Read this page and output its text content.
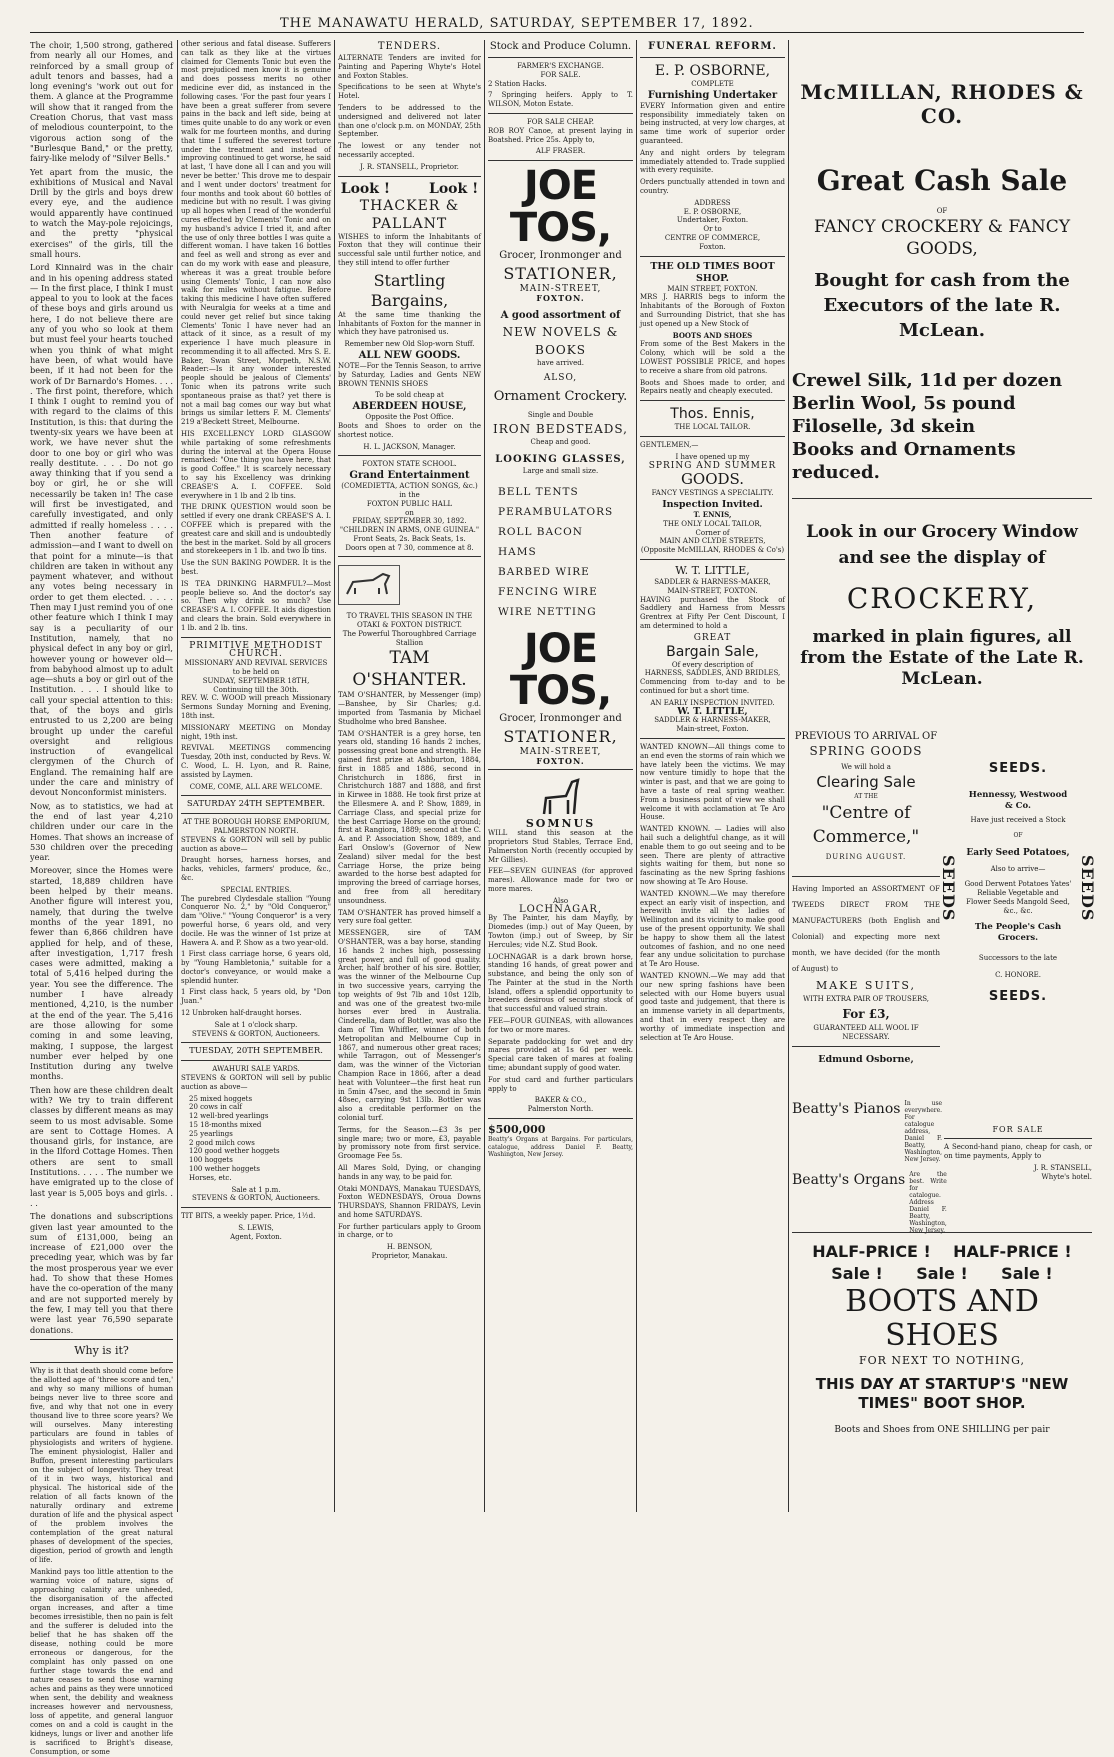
THE MANAWATU HERALD, SATURDAY, SEPTEMBER 17, 1892.

The choir, 1,500 strong, gathered from nearly all our Homes, and reinforced by a small group of adult tenors and basses, had a long evening's 'work out out for them. A glance at the Programme will show that it ranged from the Creation Chorus, that vast mass of melodious counterpoint, to the vigorous action song of the "Burlesque Band," or the pretty, fairy-like melody of "Silver Bells."

Yet apart from the music, the exhibitions of Musical and Naval Drill by the girls and boys drew every eye, and the audience would apparently have continued to watch the May-pole rejoicings, and the pretty "physical exercises" of the girls, till the small hours.

Lord Kinnaird was in the chair and in his opening address stated— In the first place, I think I must appeal to you to look at the faces of these boys and girls around us here, I do not believe there are any of you who so look at them but must feel your hearts touched when you think of what might have been, of what would have been, if it had not been for the work of Dr Barnardo's Homes. . . . . The first point, therefore, which I think I ought to remind you of with regard to the claims of this Institution, is this: that during the twenty-six years we have been at work, we have never shut the door to one boy or girl who was really destitute. . . . Do not go away thinking that if you send a boy or girl, he or she will necessarily be taken in! The case will first be investigated, and carefully investigated, and only admitted if really homeless . . . . Then another feature of admission—and I want to dwell on that point for a minute—is that children are taken in without any payment whatever, and without any votes being necessary in order to get them elected. . . . . Then may I just remind you of one other feature which I think I may say is a peculiarity of our Institution, namely, that no physical defect in any boy or girl, however young or however old—from babyhood almost up to adult age—shuts a boy or girl out of the Institution. . . . I should like to call your special attention to this: that, of the boys and girls entrusted to us 2,200 are being brought up under the careful oversight and religious instruction of evangelical clergymen of the Church of England. The remaining half are under the care and ministry of devout Nonconformist ministers.

Now, as to statistics, we had at the end of last year 4,210 children under our care in the Homes. That shows an increase of 530 children over the preceding year.

Moreover, since the Homes were started, 18,889 children have been helped by their means. Another figure will interest you, namely, that during the twelve months of the year 1891, no fewer than 6,866 children have applied for help, and of these, after investigation, 1,717 fresh cases were admitted, making a total of 5,416 helped during the year. You see the difference. The number I have already mentioned, 4,210, is the number at the end of the year. The 5,416 are those allowing for some coming in and some leaving, making, I suppose, the largest number ever helped by one Institution during any twelve months.

Then how are these children dealt with? We try to train different classes by different means as may seem to us most advisable. Some are sent to Cottage Homes. A thousand girls, for instance, are in the Ilford Cottage Homes. Then others are sent to small Institutions. . . . . The number we have emigrated up to the close of last year is 5,005 boys and girls. . . .

The donations and subscriptions given last year amounted to the sum of £131,000, being an increase of £21,000 over the preceding year, which was by far the most prosperous year we ever had. To show that these Homes have the co-operation of the many and are not supported merely by the few, I may tell you that there were last year 76,590 separate donations.

Why is it?

Why is it that death should come before the allotted age of 'three score and ten,' and why so many millions of human beings never live to three score and five, and why that not one in every thousand live to three score years? We will ourselves. Many interesting particulars are found in tables of physiologists and writers of hygiene. The eminent physiologist, Haller and Buffon, present interesting particulars on the subject of longevity. They treat of it in two ways, historical and physical. The historical side of the relation of all facts known of the naturally ordinary and extreme duration of life and the physical aspect of the problem involves the contemplation of the great natural phases of development of the species, digestion, period of growth and length of life.

Mankind pays too little attention to the warning voice of nature, signs of approaching calamity are unheeded, the disorganisation of the affected organ increases, and after a time becomes irresistible, then no pain is felt and the sufferer is deluded into the belief that he has shaken off the disease, nothing could be more erroneous or dangerous, for the complaint has only passed on one further stage towards the end and nature ceases to send those warning aches and pains as they were unnoticed when sent, the debility and weakness increases however and nervousness, loss of appetite, and general languor comes on and a cold is caught in the kidneys, lungs or liver and another life is sacrificed to Bright's disease, Consumption, or some

other serious and fatal disease. Sufferers can talk as they like at the virtues claimed for Clements Tonic but even the most prejudiced men know it is genuine and does possess merits no other medicine ever did, as instanced in the following cases. 'For the past four years I have been a great sufferer from severe pains in the back and left side, being at times quite unable to do any work or even walk for me fourteen months, and during that time I suffered the severest torture under the treatment and instead of improving continued to get worse, he said at last, 'I have done all I can and you will never be better.' This drove me to despair and I went under doctors' treatment for four months and took about 60 bottles of medicine but with no result. I was giving up all hopes when I read of the wonderful cures effected by Clements' Tonic and on my husband's advice I tried it, and after the use of only three bottles I was quite a different woman. I have taken 16 bottles and feel as well and strong as ever and can do my work with ease and pleasure, whereas it was a great trouble before using Clements' Tonic, I can now also walk for miles without fatigue. Before taking this medicine I have often suffered with Neuralgia for weeks at a time and could never get relief but since taking Clements' Tonic I have never had an attack of it since, as a result of my experience I have much pleasure in recommending it to all affected. Mrs S. E. Baker, Swan Street, Morpeth, N.S.W. Reader:—Is it any wonder interested people should be jealous of Clements' Tonic when its patrons write such spontaneous praise as that? yet there is not a mail bag comes our way but what brings us similar letters F. M. Clements' 219 a'Beckett Street, Melbourne.

HIS EXCELLENCY LORD GLASGOW while partaking of some refreshments during the interval at the Opera House remarked: "One thing you have here, that is good Coffee." It is scarcely necessary to say his Excellency was drinking CREASE'S A. I. COFFEE. Sold everywhere in 1 lb and 2 lb tins.

THE DRINK QUESTION would soon be settled if every one drank CREASE'S A. I. COFFEE which is prepared with the greatest care and skill and is undoubtedly the best in the market. Sold by all grocers and storekeepers in 1 lb. and two lb tins.

Use the SUN BAKING POWDER. It is the best.

IS TEA DRINKING HARMFUL?—Most people believe so. And the doctor's say so. Then why drink so much? Use CREASE'S A. I. COFFEE. It aids digestion and clears the brain. Sold everywhere in 1 lb. and 2 lb. tins.

PRIMITIVE METHODIST CHURCH.
MISSIONARY AND REVIVAL SERVICES to be held on
SUNDAY, SEPTEMBER 18TH,
Continuing till the 30th.

REV. W. C. WOOD will preach Missionary Sermons Sunday Morning and Evening, 18th inst.

MISSIONARY MEETING on Monday night, 19th inst.

REVIVAL MEETINGS commencing Tuesday, 20th inst, conducted by Revs. W. C. Wood, L. H. Lyon, and R. Raine, assisted by Laymen.

COME, COME, ALL ARE WELCOME.
SATURDAY 24TH SEPTEMBER.
AT THE BOROUGH HORSE EMPORIUM, PALMERSTON NORTH.

STEVENS & GORTON will sell by public auction as above—

Draught horses, harness horses, and hacks, vehicles, farmers' produce, &c., &c.

SPECIAL ENTRIES.

The purebred Clydesdale stallion "Young Conqueror No. 2," by "Old Conqueror," dam "Olive." "Young Conqueror" is a very powerful horse, 6 years old, and very docile. He was the winner of 1st prize at Hawera A. and P. Show as a two year-old.

1 First class carriage horse, 6 years old, by "Young Hambletonia," suitable for a doctor's conveyance, or would make a splendid hunter.

1 First class hack, 5 years old, by "Don Juan."

12 Unbroken half-draught horses.

Sale at 1 o'clock sharp.
STEVENS & GORTON, Auctioneers.
TUESDAY, 20TH SEPTEMBER.
AWAHURI SALE YARDS.

STEVENS & GORTON will sell by public auction as above—

25 mixed hoggets
20 cows in calf
12 well-bred yearlings
15 18-months mixed
25 yearlings
2 good milch cows
120 good wether hoggets
100 hoggets
100 wether hoggets
Horses, etc.

Sale at 1 p.m.
STEVENS & GORTON, Auctioneers.

TIT BITS, a weekly paper. Price, 1½d.

S. LEWIS,
Agent, Foxton.
TENDERS.

ALTERNATE Tenders are invited for Painting and Papering Whyte's Hotel and Foxton Stables.

Specifications to be seen at Whyte's Hotel.

Tenders to be addressed to the undersigned and delivered not later than one o'clock p.m. on MONDAY, 25th September.

The lowest or any tender not necessarily accepted.

J. R. STANSELL, Proprietor.
Look !        Look !
THACKER & PALLANT

WISHES to inform the Inhabitants of Foxton that they will continue their successful sale until further notice, and they still intend to offer further

Startling Bargains,

At the same time thanking the Inhabitants of Foxton for the manner in which they have patronised us.

Remember new Old Slop-worn Stuff.
ALL NEW GOODS.

NOTE—For the Tennis Season, to arrive by Saturday, Ladies and Gents NEW BROWN TENNIS SHOES

To be sold cheap at
ABERDEEN HOUSE,
Opposite the Post Office.

Boots and Shoes to order on the shortest notice.

H. L. JACKSON, Manager.
FOXTON STATE SCHOOL.
Grand Entertainment
(COMEDIETTA, ACTION SONGS, &c.)
in the
FOXTON PUBLIC HALL
on
FRIDAY, SEPTEMBER 30, 1892.
"CHILDREN IN ARMS, ONE GUINEA."
Front Seats, 2s. Back Seats, 1s.
Doors open at 7 30, commence at 8.
TO TRAVEL THIS SEASON IN THE
OTAKI & FOXTON DISTRICT.
The Powerful Thoroughbred Carriage Stallion
TAM O'SHANTER.

TAM O'SHANTER, by Messenger (imp)—Banshee, by Sir Charles; g.d. imported from Tasmania by Michael Studholme who bred Banshee.

TAM O'SHANTER is a grey horse, ten years old, standing 16 hands 2 inches, possessing great bone and strength. He gained first prize at Ashburton, 1884, first in 1885 and 1886, second in Christchurch in 1886, first in Christchurch 1887 and 1888, and first in Kirwee in 1888. He took first prize at the Ellesmere A. and P. Show, 1889, in Carriage Class, and special prize for the best Carriage Horse on the ground; first at Rangiora, 1889; second at the C. A. and P. Association Show, 1889, and Earl Onslow's (Governor of New Zealand) silver medal for the best Carriage Horse, the prize being awarded to the horse best adapted for improving the breed of carriage horses, and free from all hereditary unsoundness.

TAM O'SHANTER has proved himself a very sure foal getter.

MESSENGER, sire of TAM O'SHANTER, was a bay horse, standing 16 hands 2 inches high, possessing great power, and full of good quality. Archer, half brother of his sire. Bottler, was the winner of the Melbourne Cup in two successive years, carrying the top weights of 9st 7lb and 10st 12lb, and was one of the greatest two-mile horses ever bred in Australia. Cinderella, dam of Bottler, was also the dam of Tim Whiffler, winner of both Metropolitan and Melbourne Cup in 1867, and numerous other great races; while Tarragon, out of Messenger's dam, was the winner of the Victorian Champion Race in 1866, after a dead heat with Volunteer—the first heat run in 5min 47sec, and the second in 5min 48sec, carrying 9st 13lb. Bottler was also a creditable performer on the colonial turf.

Terms, for the Season.—£3 3s per single mare; two or more, £3, payable by promissory note from first service. Groomage Fee 5s.

All Mares Sold, Dying, or changing hands in any way, to be paid for.

Otaki MONDAYS, Manakau TUESDAYS, Foxton WEDNESDAYS, Oroua Downs THURSDAYS, Shannon FRIDAYS, Levin and home SATURDAYS.

For further particulars apply to Groom in charge, or to

H. BENSON,
Proprietor, Manakau.
Stock and Produce Column.
FARMER'S EXCHANGE.
FOR SALE.

2 Station Hacks.

7 Springing heifers. Apply to T. WILSON, Moton Estate.

FOR SALE CHEAP.

ROB ROY Canoe, at present laying in Boatshed. Price 25s. Apply to,

ALF FRASER.
JOE TOS,
Grocer, Ironmonger and
STATIONER,
MAIN-STREET,
FOXTON.
A good assortment of
NEW NOVELS & BOOKS
have arrived.
ALSO,
Ornament Crockery.
Single and Double
IRON BEDSTEADS,
Cheap and good.
LOOKING GLASSES,
Large and small size.
BELL TENTS
PERAMBULATORS
ROLL BACON
HAMS
BARBED WIRE
FENCING WIRE
WIRE NETTING
JOE TOS,
Grocer, Ironmonger and
STATIONER,
MAIN-STREET,
FOXTON.
SOMNUS

WILL stand this season at the proprietors Stud Stables, Terrace End, Palmerston North (recently occupied by Mr Gillies).

FEE—SEVEN GUINEAS (for approved mares). Allowance made for two or more mares.

Also
LOCHNAGAR,

By The Painter, his dam Mayfly, by Diomedes (imp.) out of May Queen, by Towton (imp.) out of Sweep, by Sir Hercules; vide N.Z. Stud Book.

LOCHNAGAR is a dark brown horse, standing 16 hands, of great power and substance, and being the only son of The Painter at the stud in the North Island, offers a splendid opportunity to breeders desirous of securing stock of that successful and valued strain.

FEE—FOUR GUINEAS, with allowances for two or more mares.

Separate paddocking for wet and dry mares provided at 1s 6d per week. Special care taken of mares at foaling time; abundant supply of good water.

For stud card and further particulars apply to

BAKER & CO.,
Palmerston North.
$500,000
Beatty's Organs at Bargains. For particulars, catalogue, address Daniel F. Beatty, Washington, New Jersey.
FUNERAL REFORM.
E. P. OSBORNE,
COMPLETE
Furnishing Undertaker

EVERY Information given and entire responsibility immediately taken on being instructed, at very low charges, at same time work of superior order guaranteed.

Any and night orders by telegram immediately attended to. Trade supplied with every requisite.

Orders punctually attended in town and country.

ADDRESS
E. P. OSBORNE,
Undertaker, Foxton.
Or to
CENTRE OF COMMERCE,
Foxton.
THE OLD TIMES BOOT SHOP.
MAIN STREET, FOXTON.

MRS J. HARRIS begs to inform the Inhabitants of the Borough of Foxton and Surrounding District, that she has just opened up a New Stock of

BOOTS AND SHOES

From some of the Best Makers in the Colony, which will be sold a the LOWEST POSSIBLE PRICE, and hopes to receive a share from old patrons.

Boots and Shoes made to order, and Repairs neatly and cheaply executed.

Thos. Ennis,
THE LOCAL TAILOR.

GENTLEMEN,—

I have opened up my
SPRING AND SUMMER
GOODS.
FANCY VESTINGS A SPECIALITY.
Inspection Invited.
T. ENNIS,
THE ONLY LOCAL TAILOR,
Corner of
MAIN AND CLYDE STREETS,
(Opposite McMILLAN, RHODES & Co's)
W. T. LITTLE,
SADDLER & HARNESS-MAKER,
MAIN-STREET, FOXTON.

HAVING purchased the Stock of Saddlery and Harness from Messrs Grentrex at Fifty Per Cent Discount, I am determined to hold a

GREAT
Bargain Sale,
Of every description of
HARNESS, SADDLES, AND BRIDLES,

Commencing from to-day and to be continued for but a short time.

AN EARLY INSPECTION INVITED.
W. T. LITTLE,
SADDLER & HARNESS-MAKER,
Main-street, Foxton.

WANTED KNOWN—All things come to an end even the storms of rain which we have lately been the victims. We may now venture timidly to hope that the winter is past, and that we are going to have a taste of real spring weather. From a business point of view we shall welcome it with acclamation at Te Aro House.

WANTED KNOWN. — Ladies will also hail such a delightful change, as it will enable them to go out seeing and to be seen. There are plenty of attractive sights waiting for them, but none so fascinating as the new Spring fashions now showing at Te Aro House.

WANTED KNOWN.—We may therefore expect an early visit of inspection, and herewith invite all the ladies of Wellington and its vicinity to make good use of the present opportunity. We shall be happy to show them all the latest outcomes of fashion, and no one need fear any undue solicitation to purchase at Te Aro House.

WANTED KNOWN.—We may add that our new spring fashions have been selected with our Home buyers usual good taste and judgement, that there is an immense variety in all departments, and that in every respect they are worthy of immediate inspection and selection at Te Aro House.

McMILLAN, RHODES & CO.
Great Cash Sale
OF
FANCY CROCKERY & FANCY GOODS,
Bought for cash from the Executors of the late R. McLean.
Crewel Silk, 11d per dozen
Berlin Wool, 5s pound
Filoselle, 3d skein
Books and Ornaments reduced.
Look in our Grocery Window and see the display of
CROCKERY,
marked in plain figures, all from the Estate of the Late R. McLean.
PREVIOUS TO ARRIVAL OF
SPRING GOODS
We will hold a
Clearing Sale
AT THE
"Centre of Commerce,"
DURING AUGUST.
Having Imported an ASSORTMENT OF TWEEDS DIRECT FROM THE MANUFACTURERS (both English and Colonial) and expecting more next month, we have decided (for the month of August) to
MAKE SUITS,
WITH EXTRA PAIR OF TROUSERS,
For £3,
GUARANTEED ALL WOOL IF NECESSARY.
Edmund Osborne,
SEEDS	SEEDS
SEEDS.
Hennessy, Westwood & Co.
Have just received a Stock
OF
Early Seed Potatoes,
Also to arrive—
Good Derwent Potatoes Yates' Reliable Vegetable and Flower Seeds Mangold Seed, &c., &c.
The People's Cash Grocers.
Successors to the late
C. HONORE.
SEEDS.
Beatty's Pianos In use everywhere. For catalogue address, Daniel F. Beatty, Washington, New Jersey.
Beatty's Organs Are the best. Write for catalogue. Address Daniel F. Beatty, Washington, New Jersey.
FOR SALE

A Second-hand piano, cheap for cash, or on time payments, Apply to

J. R. STANSELL,
Whyte's hotel.
HALF-PRICE !    HALF-PRICE !
Sale !      Sale !      Sale !
BOOTS AND SHOES
FOR NEXT TO NOTHING,
THIS DAY AT STARTUP'S "NEW TIMES" BOOT SHOP.
Boots and Shoes from ONE SHILLING per pair
